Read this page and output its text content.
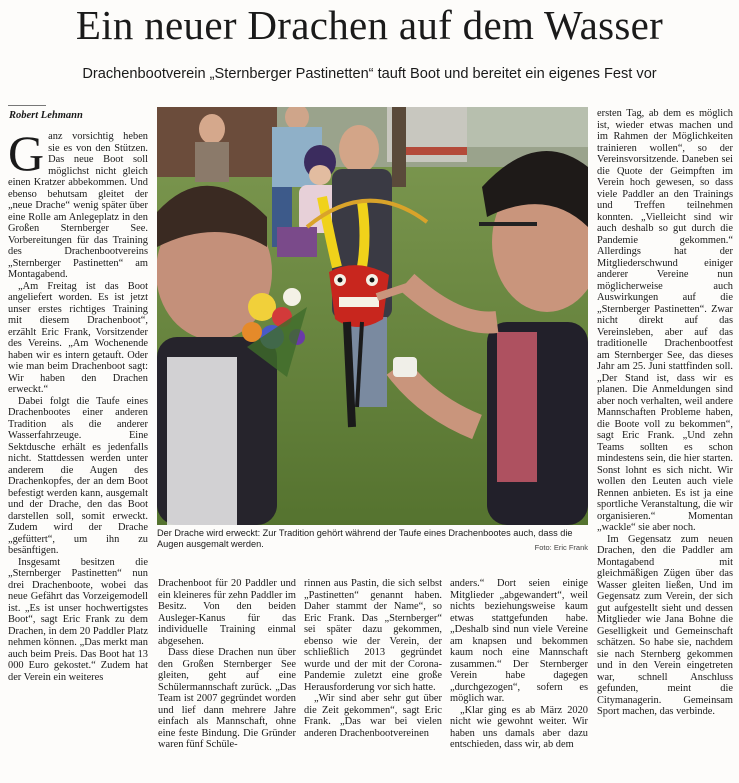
Ein neuer Drachen auf dem Wasser
Drachenbootverein „Sternberger Pastinetten“ tauft Boot und bereitet ein eigenes Fest vor
Robert Lehmann

Ganz vorsichtig heben sie es von den Stützen. Das neue Boot soll möglichst nicht gleich einen Kratzer abbekommen. Und ebenso behutsam gleitet der „neue Drache“ wenig später über eine Rolle am Anlegeplatz in den Großen Sternberger See. Vorbereitungen für das Training des Drachenbootvereins „Sternberger Pastinetten“ am Montagabend.

„Am Freitag ist das Boot angeliefert worden. Es ist jetzt unser erstes richtiges Training mit diesem Drachenboot“, erzählt Eric Frank, Vorsitzender des Vereins. „Am Wochenende haben wir es intern getauft. Oder wie man beim Drachenboot sagt: Wir haben den Drachen erweckt.“

Dabei folgt die Taufe eines Drachenbootes einer anderen Tradition als die anderer Wasserfahrzeuge. Eine Sektdusche erhält es jedenfalls nicht. Stattdessen werden unter anderem die Augen des Drachenkopfes, der an dem Boot befestigt werden kann, ausgemalt und der Drache, den das Boot darstellen soll, somit erweckt. Zudem wird der Drache „gefüttert“, um ihn zu besänftigen.

Insgesamt besitzen die „Sternberger Pastinetten“ nun drei Drachenboote, wobei das neue Gefährt das Vorzeigemodell ist. „Es ist unser hochwertigstes Boot“, sagt Eric Frank zu dem Drachen, in dem 20 Paddler Platz nehmen können. „Das merkt man auch beim Preis. Das Boot hat 13 000 Euro gekostet.“ Zudem hat der Verein ein weiteres

Der Drache wird erweckt: Zur Tradition gehört während der Taufe eines Drachenbootes auch, dass die Augen ausgemalt werden.	Foto: Eric Frank

Drachenboot für 20 Paddler und ein kleineres für zehn Paddler im Besitz. Von den beiden Ausleger-Kanus für das individuelle Training einmal abgesehen.

Dass diese Drachen nun über den Großen Sternberger See gleiten, geht auf eine Schülermannschaft zurück. „Das Team ist 2007 gegründet worden und lief dann mehrere Jahre einfach als Mannschaft, ohne eine feste Bindung. Die Gründer waren fünf Schüle-

rinnen aus Pastin, die sich selbst „Pastinetten“ genannt haben. Daher stammt der Name“, so Eric Frank. Das „Sternberger“ sei später dazu gekommen, ebenso wie der Verein, der schließlich 2013 gegründet wurde und der mit der Corona-Pandemie zuletzt eine große Herausforderung vor sich hatte.

„Wir sind aber sehr gut über die Zeit gekommen“, sagt Eric Frank. „Das war bei vielen anderen Drachenbootvereinen

anders.“ Dort seien einige Mitglieder „abgewandert“, weil nichts beziehungsweise kaum etwas stattgefunden habe. „Deshalb sind nun viele Vereine am knapsen und bekommen kaum noch eine Mannschaft zusammen.“ Der Sternberger Verein habe dagegen „durchgezogen“, sofern es möglich war.

„Klar ging es ab März 2020 nicht wie gewohnt weiter. Wir haben uns damals aber dazu entschieden, dass wir, ab dem

ersten Tag, ab dem es möglich ist, wieder etwas machen und im Rahmen der Möglichkeiten trainieren wollen“, so der Vereinsvorsitzende. Daneben sei die Quote der Geimpften im Verein hoch gewesen, so dass viele Paddler an den Trainings und Treffen teilnehmen konnten. „Vielleicht sind wir auch deshalb so gut durch die Pandemie gekommen.“ Allerdings hat der Mitgliederschwund einiger anderer Vereine nun möglicherweise auch Auswirkungen auf die „Sternberger Pastinetten“. Zwar nicht direkt auf das Vereinsleben, aber auf das traditionelle Drachenbootfest am Sternberger See, das dieses Jahr am 25. Juni stattfinden soll. „Der Stand ist, dass wir es planen. Die Anmeldungen sind aber noch verhalten, weil andere Mannschaften Probleme haben, die Boote voll zu bekommen“, sagt Eric Frank. „Und zehn Teams sollten es schon mindestens sein, die hier starten. Sonst lohnt es sich nicht. Wir wollen den Leuten auch viele Rennen anbieten. Es ist ja eine sportliche Veranstaltung, die wir organisieren.“ Momentan „wackle“ sie aber noch.

Im Gegensatz zum neuen Drachen, den die Paddler am Montagabend mit gleichmäßigen Zügen über das Wasser gleiten ließen, Und im Gegensatz zum Verein, der sich gut aufgestellt sieht und dessen Mitglieder wie Jana Bohne die Geselligkeit und Gemeinschaft schätzen. So habe sie, nachdem sie nach Sternberg gekommen und in den Verein eingetreten war, schnell Anschluss gefunden, meint die Citymanagerin. Gemeinsam Sport machen, das verbinde.
